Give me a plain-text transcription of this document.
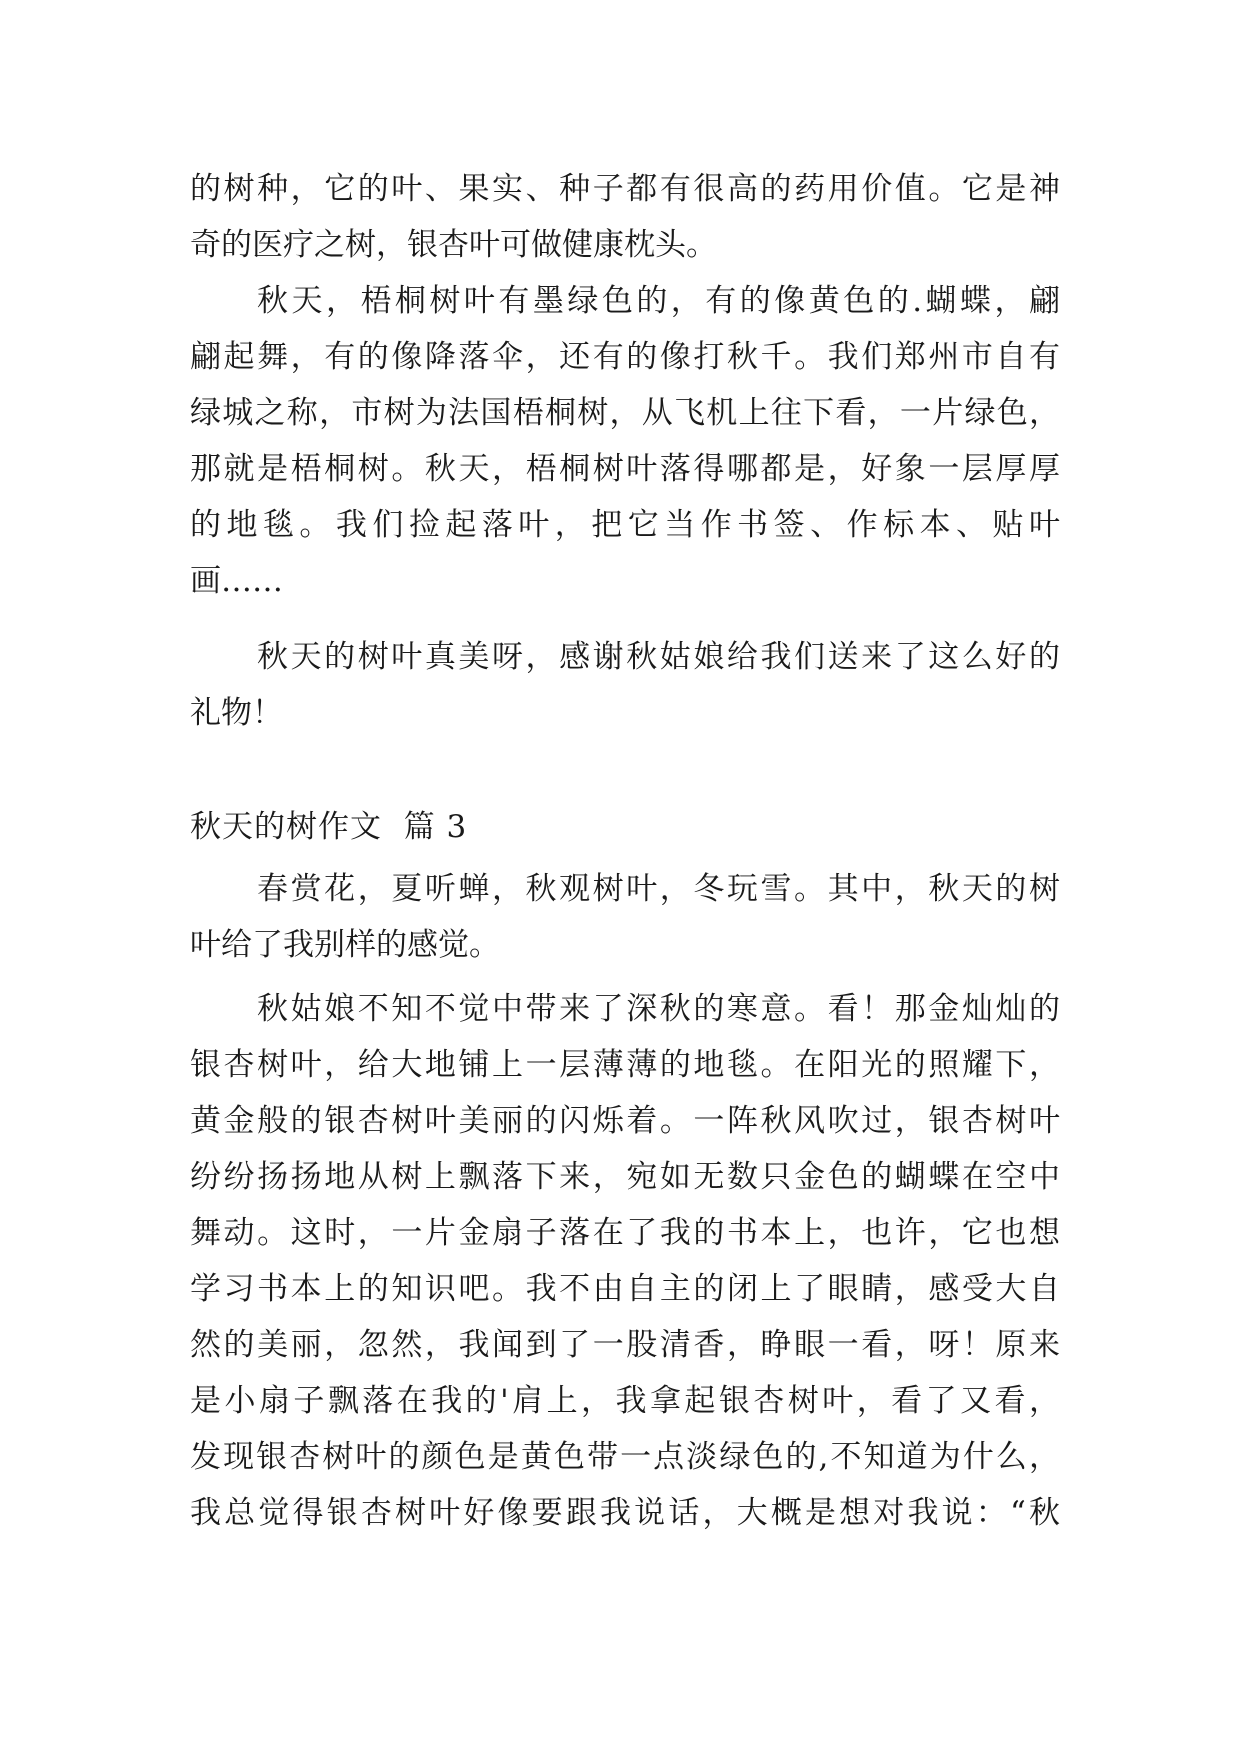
的树种，它的叶、果实、种子都有很高的药用价值。它是神
奇的医疗之树，银杏叶可做健康枕头。
秋天，梧桐树叶有墨绿色的，有的像黄色的.蝴蝶，翩
翩起舞，有的像降落伞，还有的像打秋千。我们郑州市自有
绿城之称，市树为法国梧桐树，从飞机上往下看，一片绿色，
那就是梧桐树。秋天，梧桐树叶落得哪都是，好象一层厚厚
的地毯。我们捡起落叶，把它当作书签、作标本、贴叶
画……
秋天的树叶真美呀，感谢秋姑娘给我们送来了这么好的
礼物！
秋天的树作文  篇 3
春赏花，夏听蝉，秋观树叶，冬玩雪。其中，秋天的树
叶给了我别样的感觉。
秋姑娘不知不觉中带来了深秋的寒意。看！那金灿灿的
银杏树叶，给大地铺上一层薄薄的地毯。在阳光的照耀下，
黄金般的银杏树叶美丽的闪烁着。一阵秋风吹过，银杏树叶
纷纷扬扬地从树上飘落下来，宛如无数只金色的蝴蝶在空中
舞动。这时，一片金扇子落在了我的书本上，也许，它也想
学习书本上的知识吧。我不由自主的闭上了眼睛，感受大自
然的美丽，忽然，我闻到了一股清香，睁眼一看，呀！原来
是小扇子飘落在我的'肩上，我拿起银杏树叶，看了又看，
发现银杏树叶的颜色是黄色带一点淡绿色的,不知道为什么，
我总觉得银杏树叶好像要跟我说话，大概是想对我说：“秋
